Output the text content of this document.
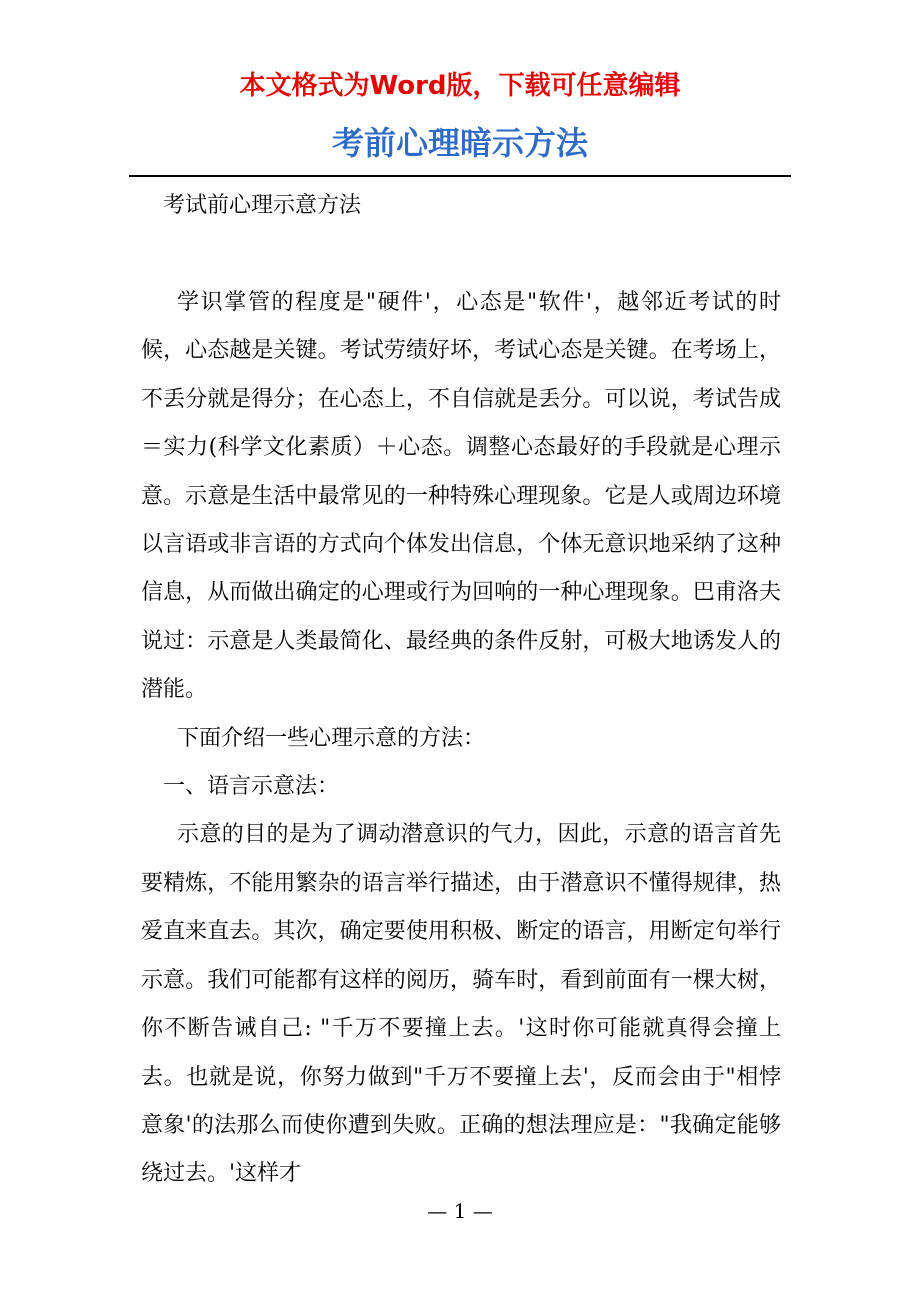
本文格式为Word版，下载可任意编辑
考前心理暗示方法
考试前心理示意方法

学识掌管的程度是"硬件'，心态是"软件'，越邻近考试的时候，心态越是关键。考试劳绩好坏，考试心态是关键。在考场上，不丢分就是得分；在心态上，不自信就是丢分。可以说，考试告成＝实力(科学文化素质）＋心态。调整心态最好的手段就是心理示意。示意是生活中最常见的一种特殊心理现象。它是人或周边环境以言语或非言语的方式向个体发出信息，个体无意识地采纳了这种信息，从而做出确定的心理或行为回响的一种心理现象。巴甫洛夫说过：示意是人类最简化、最经典的条件反射，可极大地诱发人的潜能。

下面介绍一些心理示意的方法：

一、语言示意法：

示意的目的是为了调动潜意识的气力，因此，示意的语言首先要精炼，不能用繁杂的语言举行描述，由于潜意识不懂得规律，热爱直来直去。其次，确定要使用积极、断定的语言，用断定句举行示意。我们可能都有这样的阅历，骑车时，看到前面有一棵大树，你不断告诫自己: "千万不要撞上去。'这时你可能就真得会撞上去。也就是说，你努力做到"千万不要撞上去'，反而会由于"相悖意象'的法那么而使你遭到失败。正确的想法理应是："我确定能够绕过去。'这样才

— 1 —
